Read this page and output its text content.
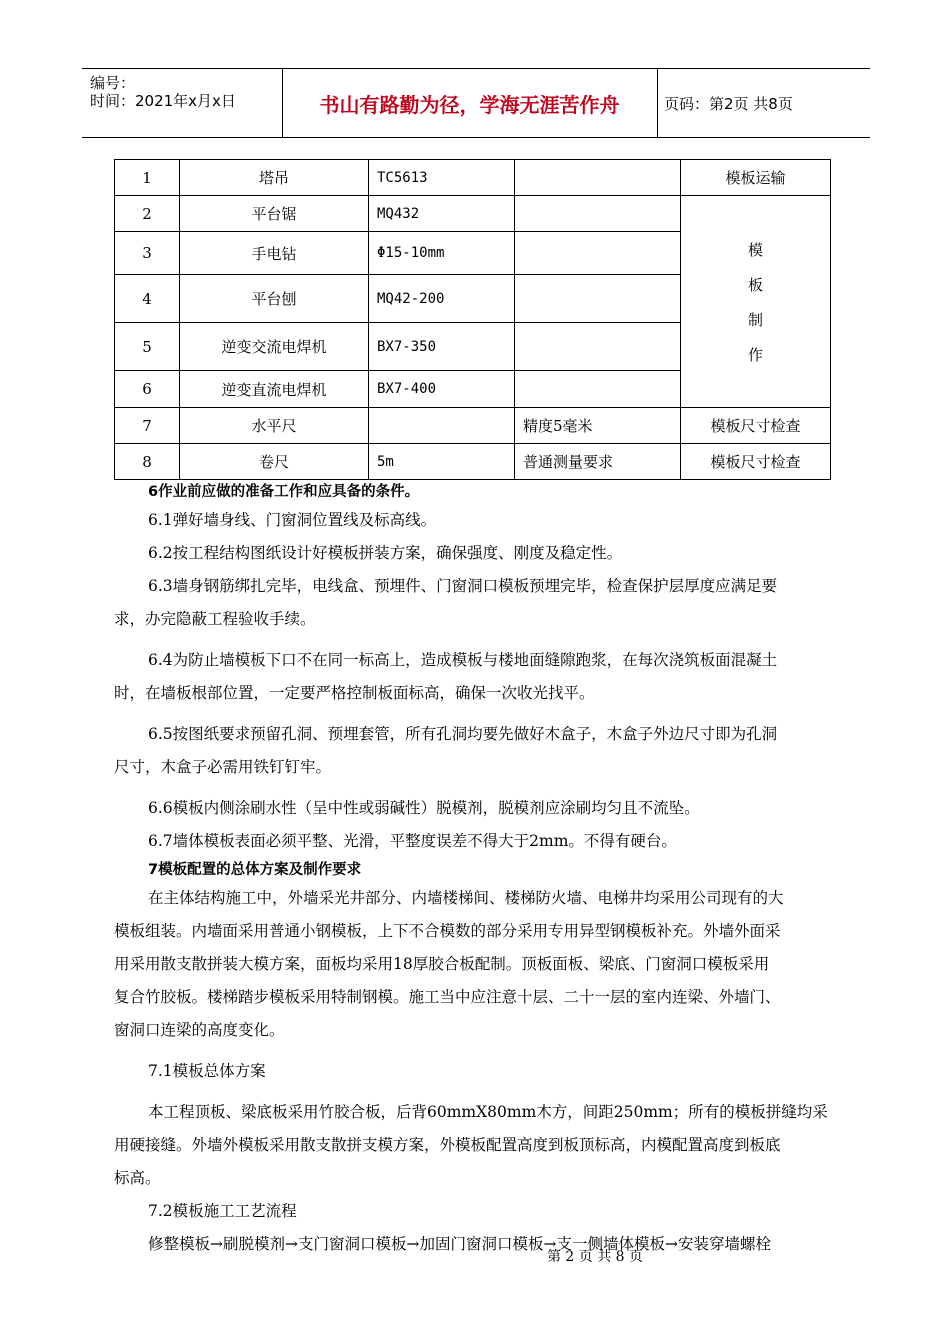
编号：
时间：2021年x月x日	书山有路勤为径，学海无涯苦作舟	页码：第2页 共8页
1	塔吊	TC5613		模板运输
2	平台锯	MQ432		模
板
制
作

3	手电钻	Φ15-10mm		
4	平台刨	MQ42-200		
5	逆变交流电焊机	BX7-350		
6	逆变直流电焊机	BX7-400		
7	水平尺		精度5毫米	模板尺寸检查
8	卷尺	5m	普通测量要求	模板尺寸检查

6作业前应做的准备工作和应具备的条件。

6.1弹好墙身线、门窗洞位置线及标高线。

6.2按工程结构图纸设计好模板拼装方案，确保强度、刚度及稳定性。

6.3墙身钢筋绑扎完毕，电线盒、预埋件、门窗洞口模板预埋完毕，检查保护层厚度应满足要

求，办完隐蔽工程验收手续。

6.4为防止墙模板下口不在同一标高上，造成模板与楼地面缝隙跑浆，在每次浇筑板面混凝土

时，在墙板根部位置，一定要严格控制板面标高，确保一次收光找平。

6.5按图纸要求预留孔洞、预埋套管，所有孔洞均要先做好木盒子，木盒子外边尺寸即为孔洞

尺寸，木盒子必需用铁钉钉牢。

6.6模板内侧涂刷水性（呈中性或弱碱性）脱模剂，脱模剂应涂刷均匀且不流坠。

6.7墙体模板表面必须平整、光滑，平整度误差不得大于2mm。不得有硬台。

7模板配置的总体方案及制作要求

在主体结构施工中，外墙采光井部分、内墙楼梯间、楼梯防火墙、电梯井均采用公司现有的大

模板组装。内墙面采用普通小钢模板，上下不合模数的部分采用专用异型钢模板补充。外墙外面采

用采用散支散拼装大模方案，面板均采用18厚胶合板配制。顶板面板、梁底、门窗洞口模板采用

复合竹胶板。楼梯踏步模板采用特制钢模。施工当中应注意十层、二十一层的室内连梁、外墙门、

窗洞口连梁的高度变化。

7.1模板总体方案

本工程顶板、梁底板采用竹胶合板，后背60mmX80mm木方，间距250mm；所有的模板拼缝均采

用硬接缝。外墙外模板采用散支散拼支模方案，外模板配置高度到板顶标高，内模配置高度到板底

标高。

7.2模板施工工艺流程

修整模板→刷脱模剂→支门窗洞口模板→加固门窗洞口模板→支一侧墙体模板→安装穿墙螺栓

第 2 页 共 8 页
